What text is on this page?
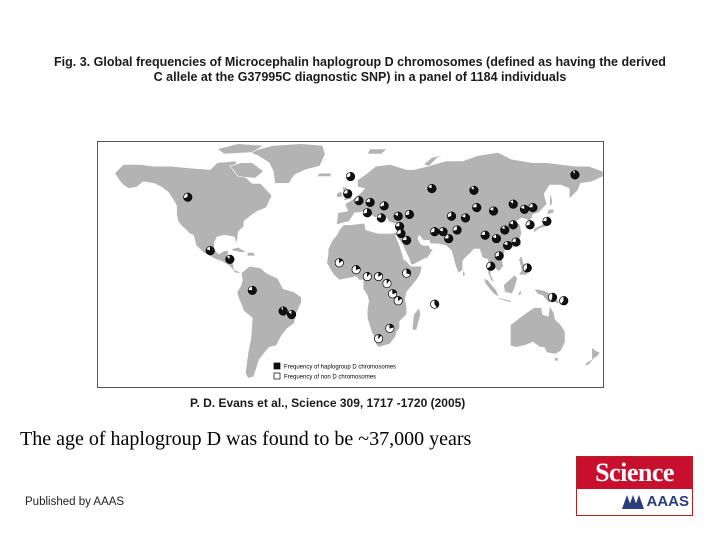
Fig. 3. Global frequencies of Microcephalin haplogroup D chromosomes (defined as having the derived
C allele at the G37995C diagnostic SNP) in a panel of 1184 individuals
Frequency of haplogroup D chromosomes
Frequency of non D chromosomes
P. D. Evans et al., Science 309, 1717 -1720 (2005)
The age of haplogroup D was found to be ~37,000 years
Published by AAAS
Science
AAAS
